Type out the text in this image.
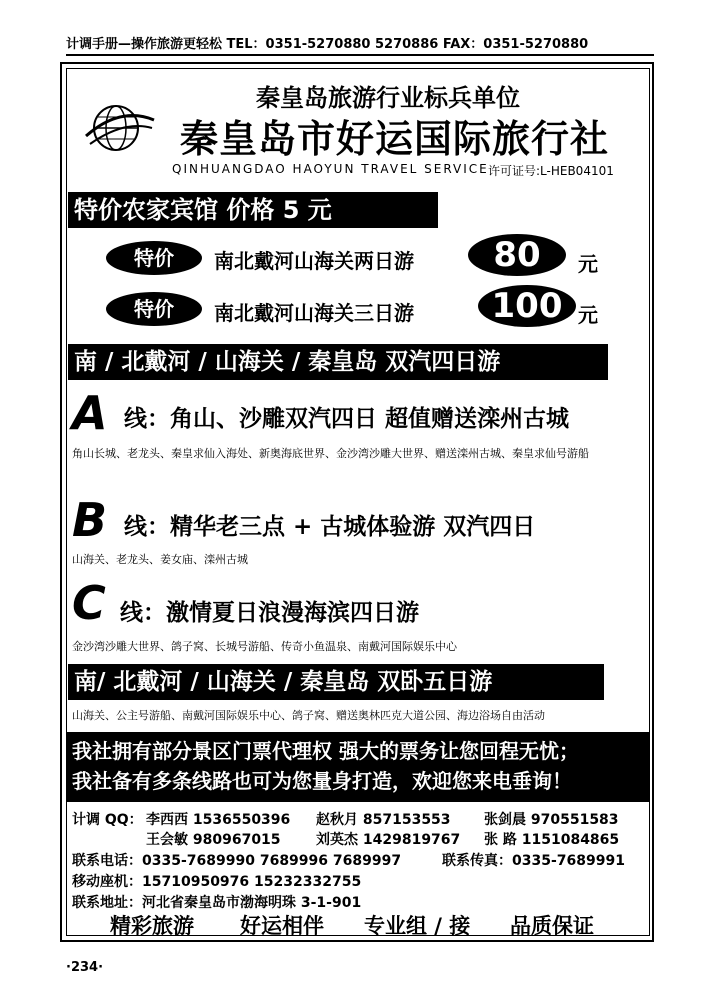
计调手册—操作旅游更轻松 TEL：0351-5270880 5270886 FAX：0351-5270880
秦皇岛旅游行业标兵单位
秦皇岛市好运国际旅行社
QINHUANGDAO HAOYUN TRAVEL SERVICE 许可证号:L-HEB04101
特价农家宾馆 价格 5 元
特价	南北戴河山海关两日游	80	元
特价	南北戴河山海关三日游	100 元
南 / 北戴河 / 山海关 / 秦皇岛 双汽四日游
A 线：角山、沙雕双汽四日 超值赠送滦州古城
角山长城、老龙头、秦皇求仙入海处、新奥海底世界、金沙湾沙雕大世界、赠送滦州古城、秦皇求仙号游船
B 线：精华老三点 + 古城体验游 双汽四日
山海关、老龙头、姜女庙、滦州古城
C 线：激情夏日浪漫海滨四日游
金沙湾沙雕大世界、鸽子窝、长城号游船、传奇小鱼温泉、南戴河国际娱乐中心
南/ 北戴河 / 山海关 / 秦皇岛 双卧五日游
山海关、公主号游船、南戴河国际娱乐中心、鸽子窝、赠送奥林匹克大道公园、海边浴场自由活动
我社拥有部分景区门票代理权 强大的票务让您回程无忧；
我社备有多条线路也可为您量身打造，欢迎您来电垂询！
计调 QQ： 李西西 1536550396 赵秋月 857153553 张剑晨 970551583
王会敏 980967015	刘英杰 1429819767 张 路 1151084865
联系电话：0335-7689990 7689996 7689997	联系传真：0335-7689991
移动座机：15710950976 15232332755
联系地址：河北省秦皇岛市渤海明珠 3-1-901
精彩旅游 好运相伴 专业组 / 接 品质保证
·234·
